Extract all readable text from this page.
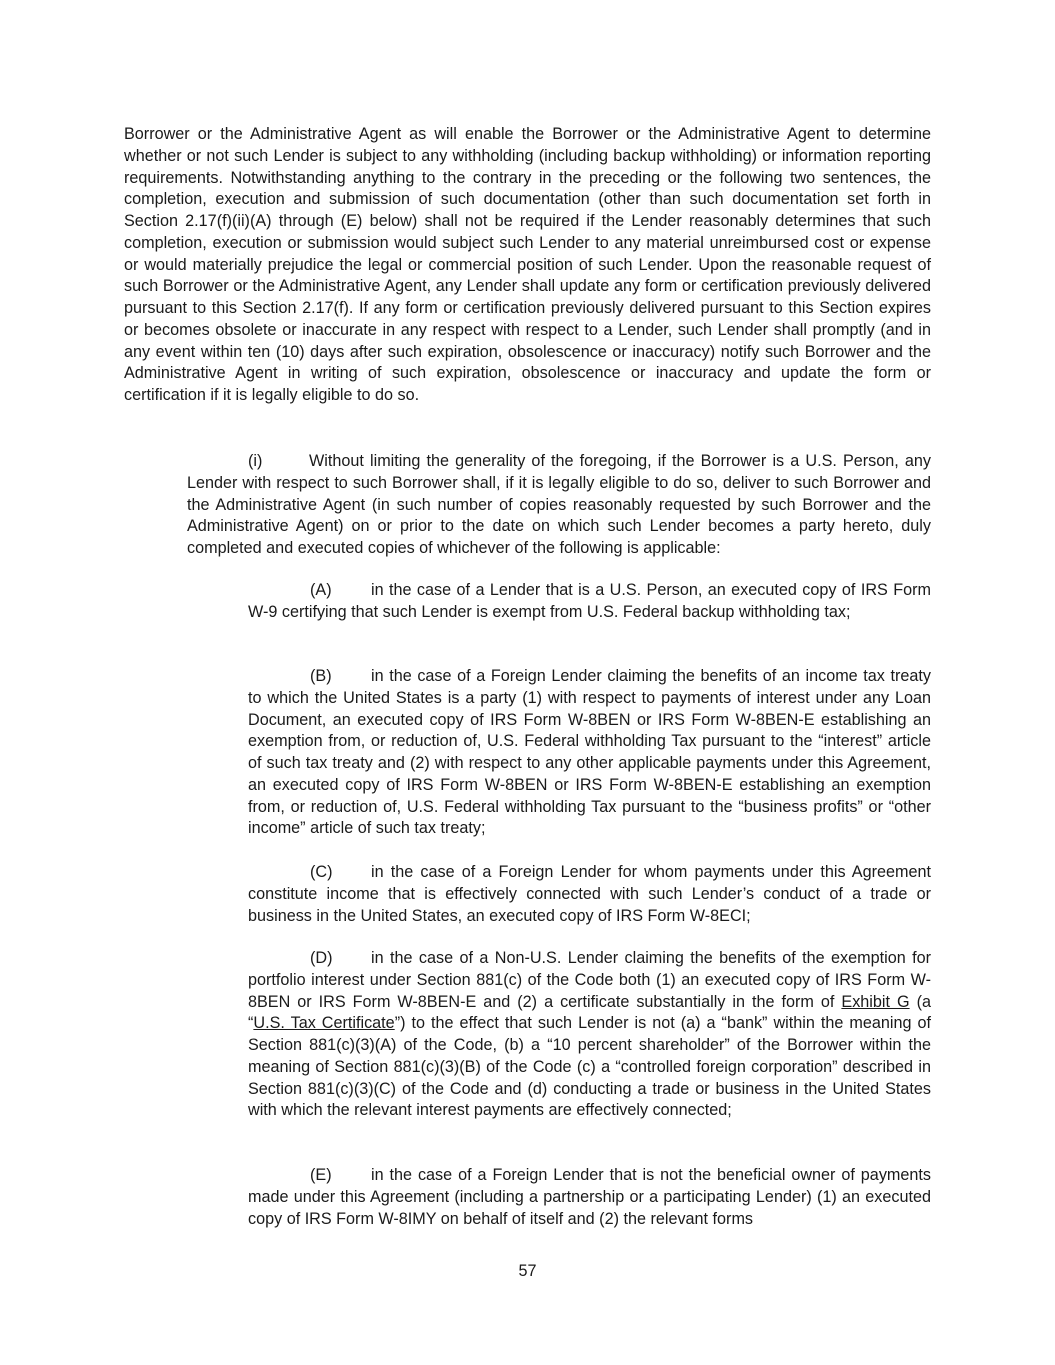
Borrower or the Administrative Agent as will enable the Borrower or the Administrative Agent to determine whether or not such Lender is subject to any withholding (including backup withholding) or information reporting requirements. Notwithstanding anything to the contrary in the preceding or the following two sentences, the completion, execution and submission of such documentation (other than such documentation set forth in Section 2.17(f)(ii)(A) through (E) below) shall not be required if the Lender reasonably determines that such completion, execution or submission would subject such Lender to any material unreimbursed cost or expense or would materially prejudice the legal or commercial position of such Lender. Upon the reasonable request of such Borrower or the Administrative Agent, any Lender shall update any form or certification previously delivered pursuant to this Section 2.17(f). If any form or certification previously delivered pursuant to this Section expires or becomes obsolete or inaccurate in any respect with respect to a Lender, such Lender shall promptly (and in any event within ten (10) days after such expiration, obsolescence or inaccuracy) notify such Borrower and the Administrative Agent in writing of such expiration, obsolescence or inaccuracy and update the form or certification if it is legally eligible to do so.

(i)	Without limiting the generality of the foregoing, if the Borrower is a U.S. Person, any Lender with respect to such Borrower shall, if it is legally eligible to do so, deliver to such Borrower and the Administrative Agent (in such number of copies reasonably requested by such Borrower and the Administrative Agent) on or prior to the date on which such Lender becomes a party hereto, duly completed and executed copies of whichever of the following is applicable:

(A) in the case of a Lender that is a U.S. Person, an executed copy of IRS Form W-9 certifying that such Lender is exempt from U.S. Federal backup withholding tax;

(B) in the case of a Foreign Lender claiming the benefits of an income tax treaty to which the United States is a party (1) with respect to payments of interest under any Loan Document, an executed copy of IRS Form W-8BEN or IRS Form W-8BEN-E establishing an exemption from, or reduction of, U.S. Federal withholding Tax pursuant to the “interest” article of such tax treaty and (2) with respect to any other applicable payments under this Agreement, an executed copy of IRS Form W-8BEN or IRS Form W-8BEN-E establishing an exemption from, or reduction of, U.S. Federal withholding Tax pursuant to the “business profits” or “other income” article of such tax treaty;

(C) in the case of a Foreign Lender for whom payments under this Agreement constitute income that is effectively connected with such Lender’s conduct of a trade or business in the United States, an executed copy of IRS Form W-8ECI;

(D) in the case of a Non-U.S. Lender claiming the benefits of the exemption for portfolio interest under Section 881(c) of the Code both (1) an executed copy of IRS Form W-8BEN or IRS Form W-8BEN-E and (2) a certificate substantially in the form of Exhibit G (a “U.S. Tax Certificate”) to the effect that such Lender is not (a) a “bank” within the meaning of Section 881(c)(3)(A) of the Code, (b) a “10 percent shareholder” of the Borrower within the meaning of Section 881(c)(3)(B) of the Code (c) a “controlled foreign corporation” described in Section 881(c)(3)(C) of the Code and (d) conducting a trade or business in the United States with which the relevant interest payments are effectively connected;

(E) in the case of a Foreign Lender that is not the beneficial owner of payments made under this Agreement (including a partnership or a participating Lender) (1) an executed copy of IRS Form W-8IMY on behalf of itself and (2) the relevant forms

57
